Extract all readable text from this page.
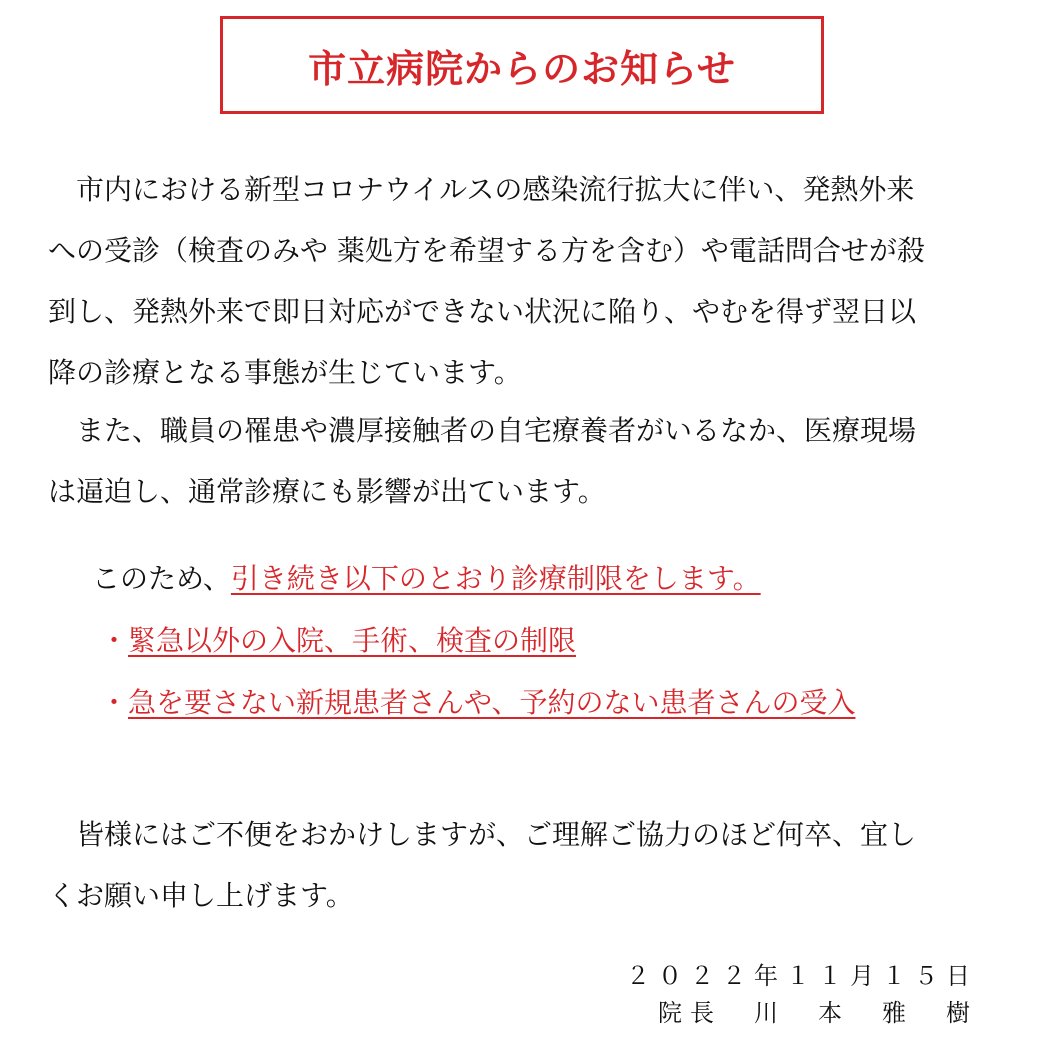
市立病院からのお知らせ
　市内における新型コロナウイルスの感染流行拡大に伴い、発熱外来
への受診（検査のみや 薬処方を希望する方を含む）や電話問合せが殺
到し、発熱外来で即日対応ができない状況に陥り、やむを得ず翌日以
降の診療となる事態が生じています。
　また、職員の罹患や濃厚接触者の自宅療養者がいるなか、医療現場
は逼迫し、通常診療にも影響が出ています。
このため、引き続き以下のとおり診療制限をします。
・緊急以外の入院、手術、検査の制限
・急を要さない新規患者さんや、予約のない患者さんの受入
　皆様にはご不便をおかけしますが、ご理解ご協力のほど何卒、宜し
くお願い申し上げます。
２０２２年１１月１５日
院長　川　本　雅　樹
